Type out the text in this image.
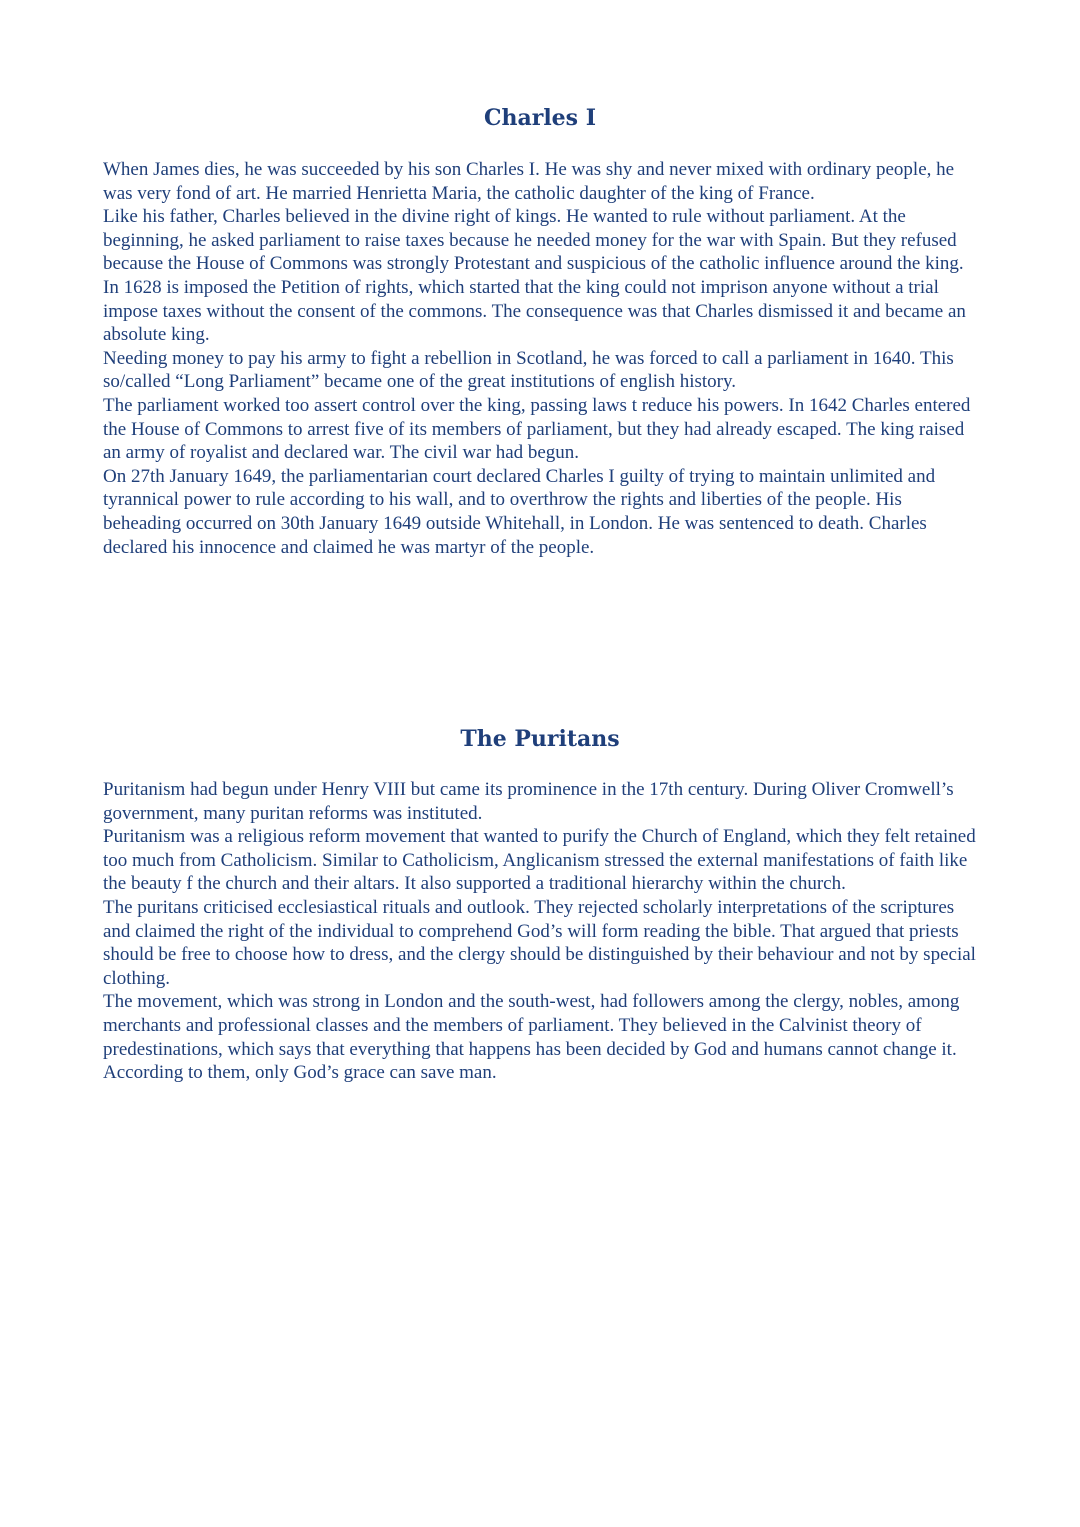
Charles I

When James dies, he was succeeded by his son Charles I. He was shy and never mixed with ordinary people, he was very fond of art. He married Henrietta Maria, the catholic daughter of the king of France.

Like his father, Charles believed in the divine right of kings. He wanted to rule without parliament. At the beginning, he asked parliament to raise taxes because he needed money for the war with Spain. But they refused because the House of Commons was strongly Protestant and suspicious of the catholic influence around the king. In 1628 is imposed the Petition of rights, which started that the king could not imprison anyone without a trial impose taxes without the consent of the commons. The consequence was that Charles dismissed it and became an absolute king.

Needing money to pay his army to fight a rebellion in Scotland, he was forced to call a parliament in 1640. This so/called “Long Parliament” became one of the great institutions of english history.

The parliament worked too assert control over the king, passing laws t reduce his powers. In 1642 Charles entered the House of Commons to arrest five of its members of parliament, but they had already escaped. The king raised an army of royalist and declared war. The civil war had begun.

On 27th January 1649, the parliamentarian court declared Charles I guilty of trying to maintain unlimited and tyrannical power to rule according to his wall, and to overthrow the rights and liberties of the people. His beheading occurred on 30th January 1649 outside Whitehall, in London. He was sentenced to death. Charles declared his innocence and claimed he was martyr of the people.

The Puritans

Puritanism had begun under Henry VIII but came its prominence in the 17th century. During Oliver Cromwell’s government, many puritan reforms was instituted.

Puritanism was a religious reform movement that wanted to purify the Church of England, which they felt retained too much from Catholicism. Similar to Catholicism, Anglicanism stressed the external manifestations of faith like the beauty f the church and their altars. It also supported a traditional hierarchy within the church.

The puritans criticised ecclesiastical rituals and outlook. They rejected scholarly interpretations of the scriptures and claimed the right of the individual to comprehend God’s will form reading the bible. That argued that priests should be free to choose how to dress, and the clergy should be distinguished by their behaviour and not by special clothing.

The movement, which was strong in London and the south-west, had followers among the clergy, nobles, among merchants and professional classes and the members of parliament. They believed in the Calvinist theory of predestinations, which says that everything that happens has been decided by God and humans cannot change it. According to them, only God’s grace can save man.
